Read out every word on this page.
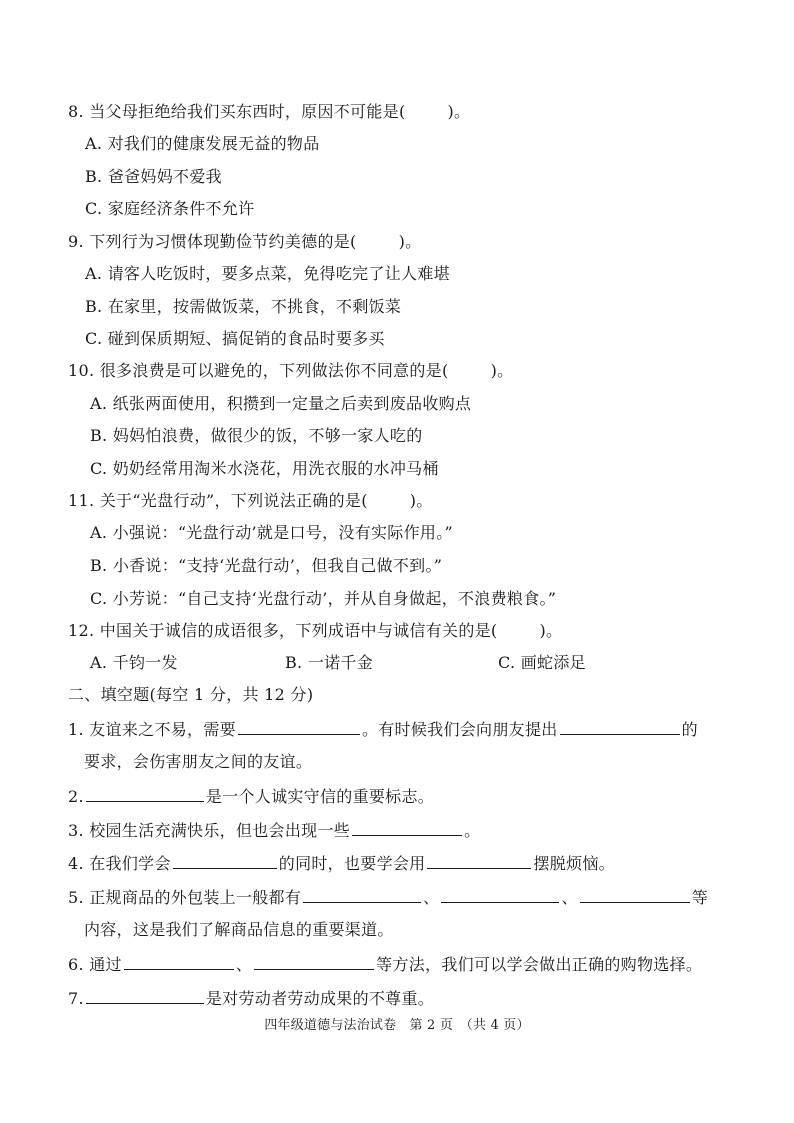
8. 当父母拒绝给我们买东西时，原因不可能是(	)。
A. 对我们的健康发展无益的物品
B. 爸爸妈妈不爱我
C. 家庭经济条件不允许
9. 下列行为习惯体现勤俭节约美德的是(	)。
A. 请客人吃饭时，要多点菜，免得吃完了让人难堪
B. 在家里，按需做饭菜，不挑食，不剩饭菜
C. 碰到保质期短、搞促销的食品时要多买
10. 很多浪费是可以避免的，下列做法你不同意的是(	)。
A. 纸张两面使用，积攒到一定量之后卖到废品收购点
B. 妈妈怕浪费，做很少的饭，不够一家人吃的
C. 奶奶经常用淘米水浇花，用洗衣服的水冲马桶
11. 关于“光盘行动”，下列说法正确的是(	)。
A. 小强说：“光盘行动’就是口号，没有实际作用。”
B. 小香说：“支持‘光盘行动’，但我自己做不到。”
C. 小芳说：“自己支持‘光盘行动’，并从自身做起，不浪费粮食。”
12. 中国关于诚信的成语很多，下列成语中与诚信有关的是(	)。
A. 千钧一发	B. 一诺千金	C. 画蛇添足
二、填空题(每空 1 分，共 12 分)
1. 友谊来之不易，需要	。有时候我们会向朋友提出	的
要求，会伤害朋友之间的友谊。
2.	是一个人诚实守信的重要标志。
3. 校园生活充满快乐，但也会出现一些	。
4. 在我们学会	的同时，也要学会用	摆脱烦恼。
5. 正规商品的外包装上一般都有	、	、	等
内容，这是我们了解商品信息的重要渠道。
6. 通过	、	等方法，我们可以学会做出正确的购物选择。
7.	是对劳动者劳动成果的不尊重。
四年级道德与法治试卷　第 2 页　（共 4 页）
